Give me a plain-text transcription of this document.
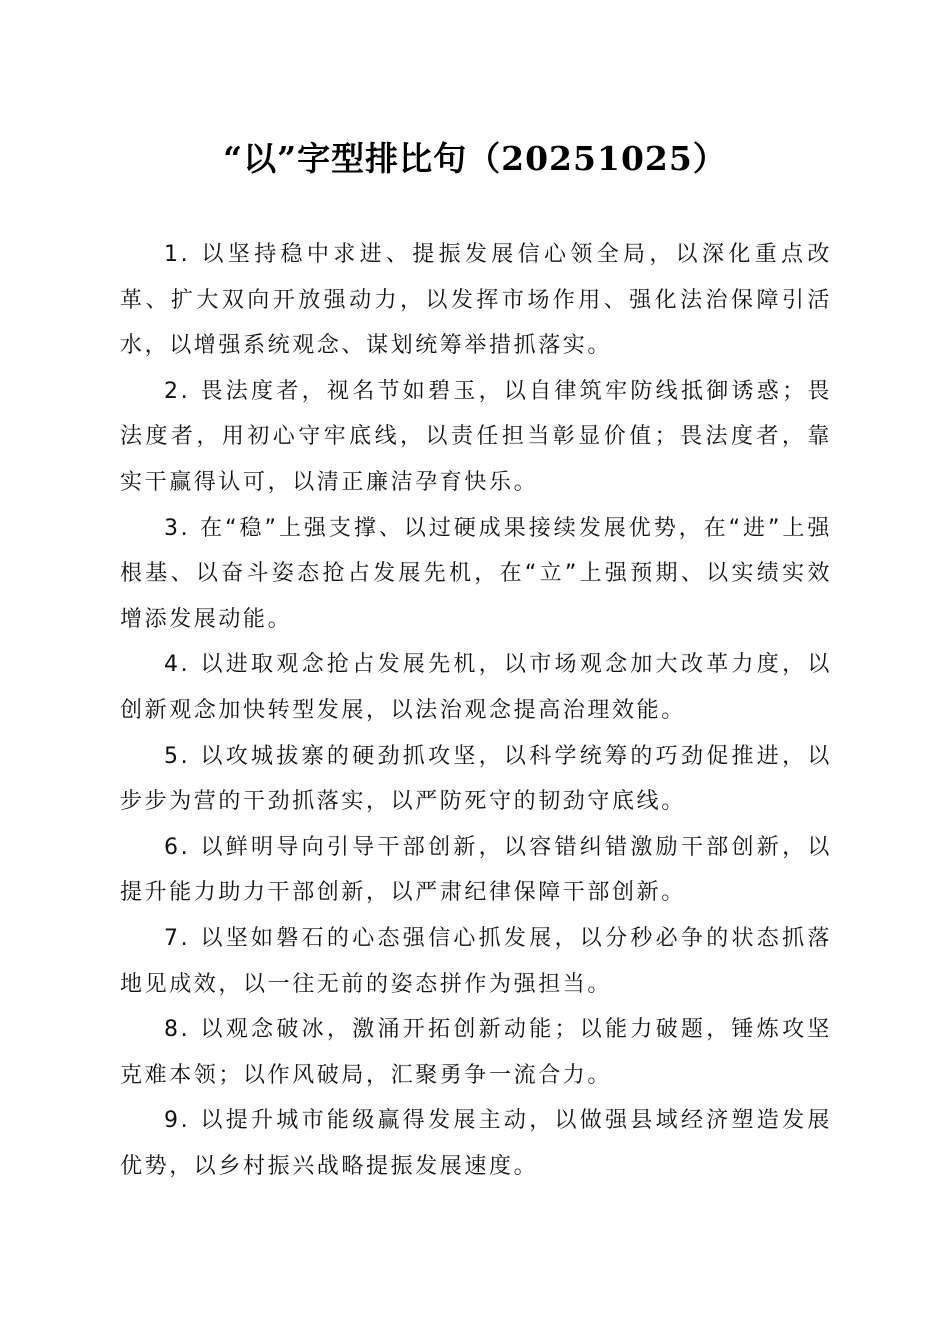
“以”字型排比句（20251025）

1. 以坚持稳中求进、提振发展信心领全局，以深化重点改革、扩大双向开放强动力，以发挥市场作用、强化法治保障引活水，以增强系统观念、谋划统筹举措抓落实。

2. 畏法度者，视名节如碧玉，以自律筑牢防线抵御诱惑；畏法度者，用初心守牢底线，以责任担当彰显价值；畏法度者，靠实干赢得认可，以清正廉洁孕育快乐。

3. 在“稳”上强支撑、以过硬成果接续发展优势，在“进”上强根基、以奋斗姿态抢占发展先机，在“立”上强预期、以实绩实效增添发展动能。

4. 以进取观念抢占发展先机，以市场观念加大改革力度，以创新观念加快转型发展，以法治观念提高治理效能。

5. 以攻城拔寨的硬劲抓攻坚，以科学统筹的巧劲促推进，以步步为营的干劲抓落实，以严防死守的韧劲守底线。

6. 以鲜明导向引导干部创新，以容错纠错激励干部创新，以提升能力助力干部创新，以严肃纪律保障干部创新。

7. 以坚如磐石的心态强信心抓发展，以分秒必争的状态抓落地见成效，以一往无前的姿态拼作为强担当。

8. 以观念破冰，激涌开拓创新动能；以能力破题，锤炼攻坚克难本领；以作风破局，汇聚勇争一流合力。

9. 以提升城市能级赢得发展主动，以做强县域经济塑造发展优势，以乡村振兴战略提振发展速度。
